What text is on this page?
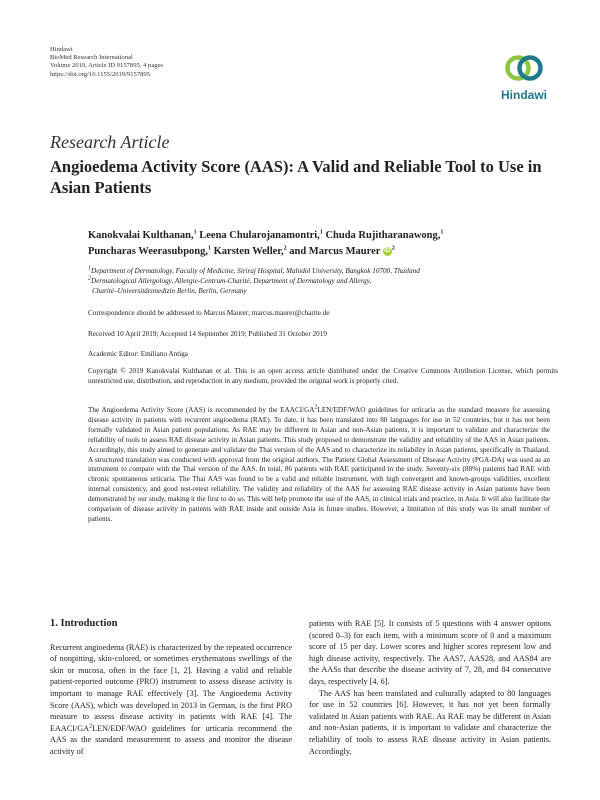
Hindawi
BioMed Research International
Volume 2019, Article ID 9157895, 4 pages
https://doi.org/10.1155/2019/9157895
Hindawi
Research Article
Angioedema Activity Score (AAS): A Valid and Reliable Tool to Use in Asian Patients
Kanokvalai Kulthanan,$^1$ Leena Chularojanamontri,$^1$ Chuda Rujitharanawong,$^1$
Puncharas Weerasubpong,$^1$ Karsten Weller,$^2$ and Marcus Maurer iD $^2$
$^1$Department of Dermatology, Faculty of Medicine, Siriraj Hospital, Mahidol University, Bangkok 10700, Thailand
$^2$Dermatological Allergology, Allergie-Centrum-Charité, Department of Dermatology and Allergy,
Charité–Universitätsmedizin Berlin, Berlin, Germany
Correspondence should be addressed to Marcus Maurer; marcus.maurer@charite.de
Received 10 April 2019; Accepted 14 September 2019; Published 31 October 2019
Academic Editor: Emiliano Antiga
Copyright © 2019 Kanokvalai Kulthanan et al. This is an open access article distributed under the Creative Commons Attribution License, which permits unrestricted use, distribution, and reproduction in any medium, provided the original work is properly cited.
The Angioedema Activity Score (AAS) is recommended by the EAACI/$GA^2LEN/EDF$/WAO guidelines for urticaria as the standard measure for assessing disease activity in patients with recurrent angioedema (RAE). To date, it has been translated into 80 languages for use in 52 countries, but it has not been formally validated in Asian patient populations. As RAE may be different in Asian and non-Asian patients, it is important to validate and characterize the reliability of tools to assess RAE disease activity in Asian patients. This study proposed to demonstrate the validity and reliability of the AAS in Asian patients. Accordingly, this study aimed to generate and validate the Thai version of the AAS and to characterize its reliability in Asian patients, specifically in Thailand. A structured translation was conducted with approval from the original authors. The Patient Global Assessment of Disease Activity (PGA-DA) was used as an instrument to compare with the Thai version of the AAS. In total, 86 patients with RAE participated in the study. Seventy-six (88%) patients had RAE with chronic spontaneous urticaria. The Thai AAS was found to be a valid and reliable instrument, with high convergent and known-groups validities, excellent internal consistency, and good test-retest reliability. The validity and reliability of the AAS for assessing RAE disease activity in Asian patients have been demonstrated by our study, making it the first to do so. This will help promote the use of the AAS, in clinical trials and practice, in Asia. It will also facilitate the comparison of disease activity in patients with RAE inside and outside Asia in future studies. However, a limitation of this study was its small number of patients.
1. Introduction

Recurrent angioedema (RAE) is characterized by the repeated occurrence of nonpitting, skin-colored, or sometimes erythematous swellings of the skin or mucosa, often in the face [1, 2]. Having a valid and reliable patient-reported outcome (PRO) instrument to assess disease activity is important to manage RAE effectively [3]. The Angioedema Activity Score (AAS), which was developed in 2013 in German, is the first PRO measure to assess disease activity in patients with RAE [4]. The EAACI/$GA^2LEN/EDF$/WAO guidelines for urticaria recommend the AAS as the standard measurement to assess and monitor the disease activity of

patients with RAE [5]. It consists of 5 questions with 4 answer options (scored 0–3) for each item, with a minimum score of 0 and a maximum score of 15 per day. Lower scores and higher scores represent low and high disease activity, respectively. The AAS7, AAS28, and AAS84 are the AASs that describe the disease activity of 7, 28, and 84 consecutive days, respectively [4, 6].

The AAS has been translated and culturally adapted to 80 languages for use in 52 countries [6]. However, it has not yet been formally validated in Asian patients with RAE. As RAE may be different in Asian and non-Asian patients, it is important to validate and characterize the reliability of tools to assess RAE disease activity in Asian patients. Accordingly,
